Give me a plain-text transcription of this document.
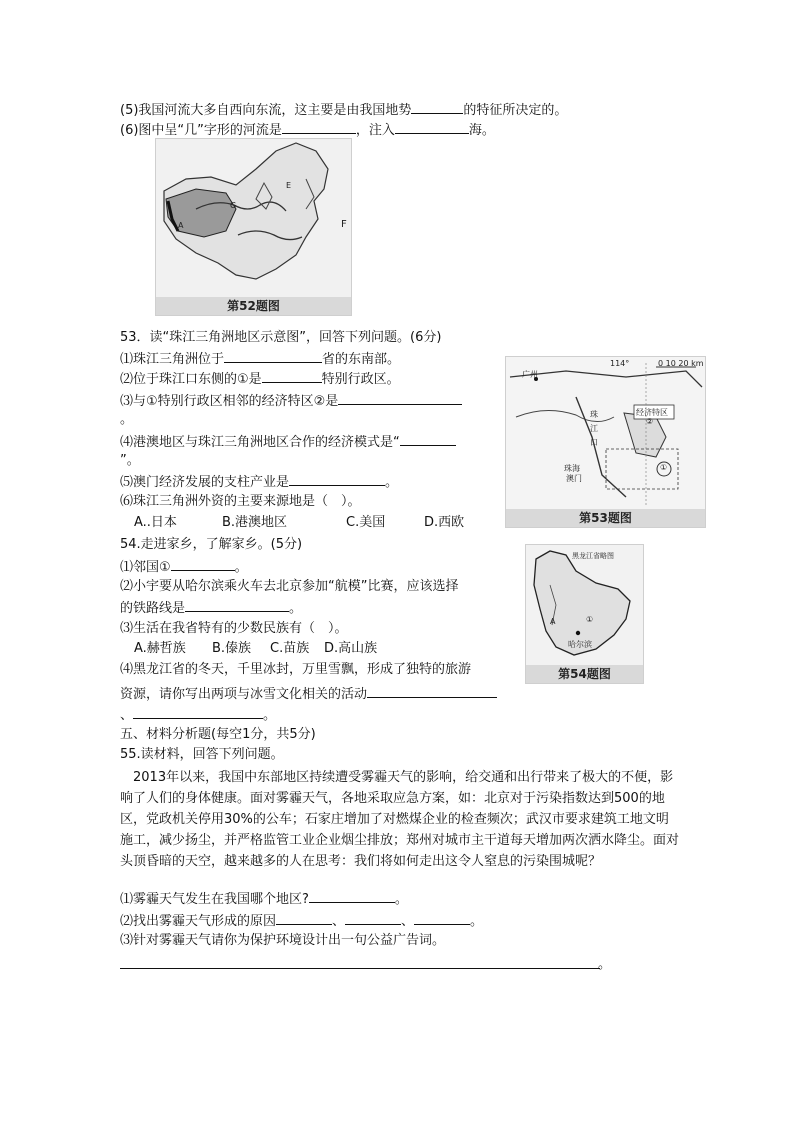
(5)我国河流大多自西向东流，这主要是由我国地势	的特征所决定的。
(6)图中呈“几”字形的河流是	，注入	海。
F
E
G
A
第52题图
53．读“珠江三角洲地区示意图”，回答下列问题。(6分)
⑴珠江三角洲位于	省的东南部。
⑵位于珠江口东侧的①是	特别行政区。
⑶与①特别行政区相邻的经济特区②是
。
⑷港澳地区与珠江三角洲地区合作的经济模式是“
”。
⑸澳门经济发展的支柱产业是	。
⑹珠江三角洲外资的主要来源地是（　）。
A..日本	B.港澳地区	C.美国	D.西欧
广州
珠
江
口
珠海
澳门
经济特区
①
②
114°	0 10 20 km
第53题图
54.走进家乡，了解家乡。(5分)
⑴邻国①	。
⑵小宇要从哈尔滨乘火车去北京参加“航模”比赛，应该选择
的铁路线是	。
⑶生活在我省特有的少数民族有（　）。
A.赫哲族 B.傣族 C.苗族 D.高山族
⑷黑龙江省的冬天，千里冰封，万里雪飘，形成了独特的旅游
资源，请你写出两项与冰雪文化相关的活动
、	。
黑龙江省略图
A	①
哈尔滨
第54题图
五、材料分析题(每空1分，共5分)
55.读材料，回答下列问题。
2013年以来，我国中东部地区持续遭受雾霾天气的影响，给交通和出行带来了极大的不便，影响了人们的身体健康。面对雾霾天气，各地采取应急方案，如：北京对于污染指数达到500的地区，党政机关停用30%的公车；石家庄增加了对燃煤企业的检查频次；武汉市要求建筑工地文明施工，减少扬尘，并严格监管工业企业烟尘排放；郑州对城市主干道每天增加两次洒水降尘。面对头顶昏暗的天空，越来越多的人在思考：我们将如何走出这令人窒息的污染围城呢？
⑴雾霾天气发生在我国哪个地区?	。
⑵找出雾霾天气形成的原因	、	、	。
⑶针对雾霾天气请你为保护环境设计出一句公益广告词。
。
